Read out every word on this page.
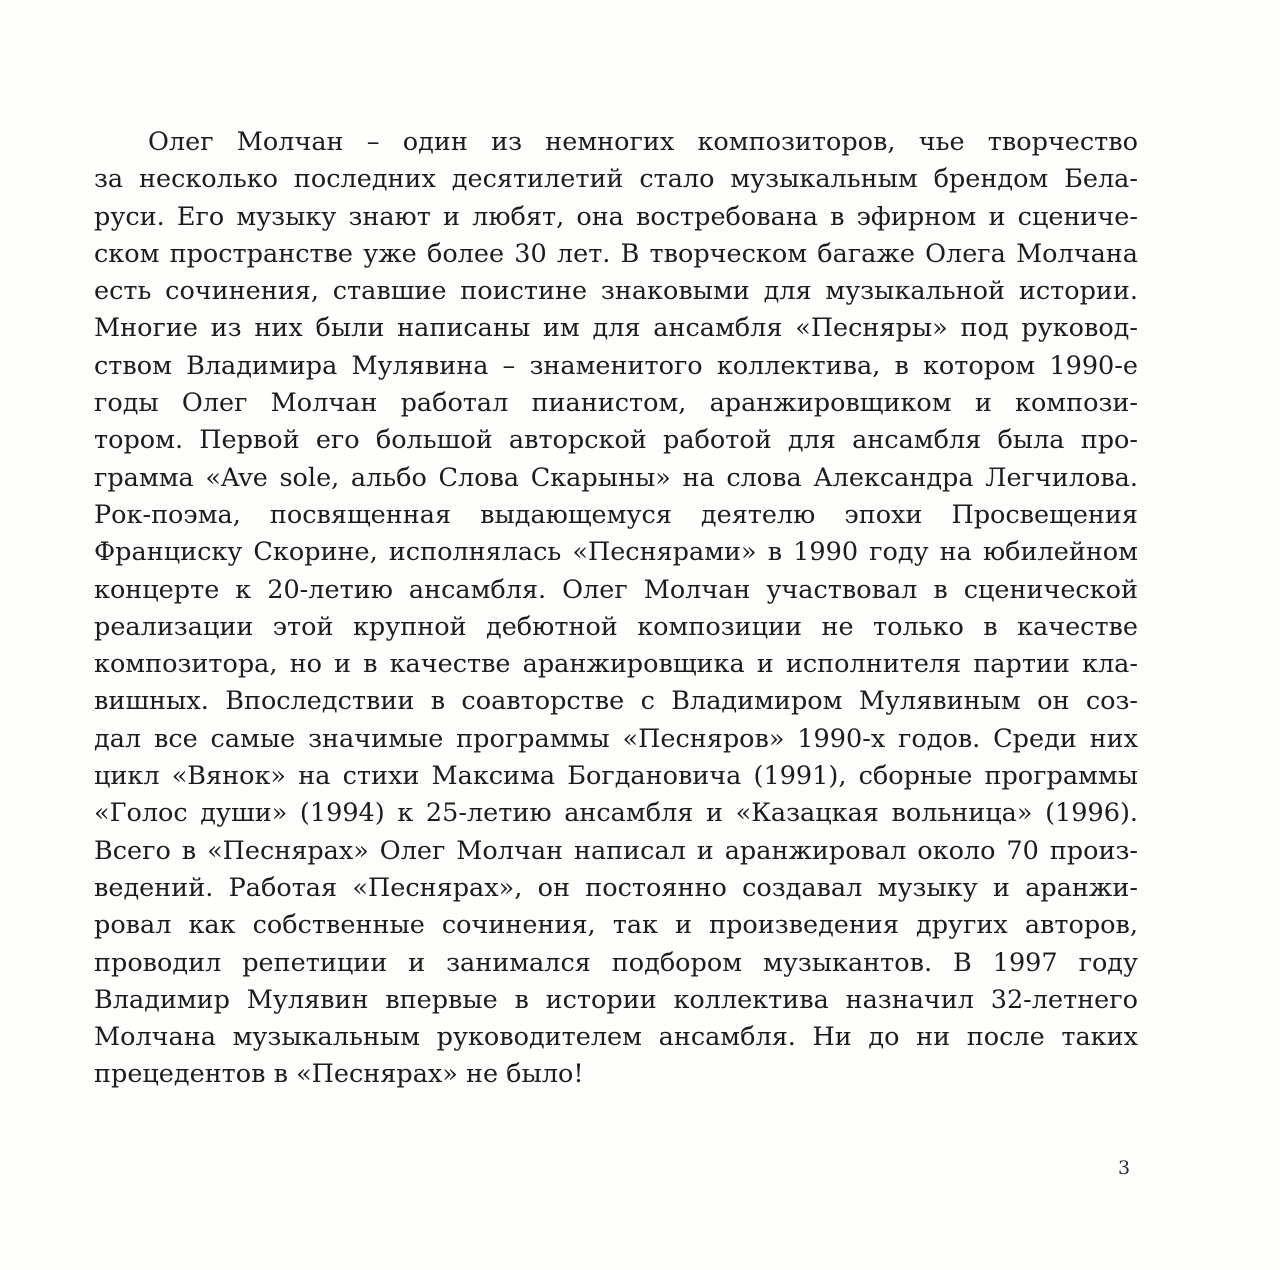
Олег Молчан – один из немногих композиторов, чье творчество
за несколько последних десятилетий стало музыкальным брендом Бела-
руси. Его музыку знают и любят, она востребована в эфирном и сцениче-
ском пространстве уже более 30 лет. В творческом багаже Олега Молчана
есть сочинения, ставшие поистине знаковыми для музыкальной истории.
Многие из них были написаны им для ансамбля «Песняры» под руковод-
ством Владимира Мулявина – знаменитого коллектива, в котором 1990-е
годы Олег Молчан работал пианистом, аранжировщиком и компози-
тором. Первой его большой авторской работой для ансамбля была про-
грамма «Ave sole, альбо Слова Скарыны» на слова Александра Легчилова.
Рок-поэма, посвященная выдающемуся деятелю эпохи Просвещения
Франциску Скорине, исполнялась «Песнярами» в 1990 году на юбилейном
концерте к 20-летию ансамбля. Олег Молчан участвовал в сценической
реализации этой крупной дебютной композиции не только в качестве
композитора, но и в качестве аранжировщика и исполнителя партии кла-
вишных. Впоследствии в соавторстве с Владимиром Мулявиным он соз-
дал все самые значимые программы «Песняров» 1990-х годов. Среди них
цикл «Вянок» на стихи Максима Богдановича (1991), сборные программы
«Голос души» (1994) к 25-летию ансамбля и «Казацкая вольница» (1996).
Всего в «Песнярах» Олег Молчан написал и аранжировал около 70 произ-
ведений. Работая «Песнярах», он постоянно создавал музыку и аранжи-
ровал как собственные сочинения, так и произведения других авторов,
проводил репетиции и занимался подбором музыкантов. В 1997 году
Владимир Мулявин впервые в истории коллектива назначил 32-летнего
Молчана музыкальным руководителем ансамбля. Ни до ни после таких
прецедентов в «Песнярах» не было!
3
